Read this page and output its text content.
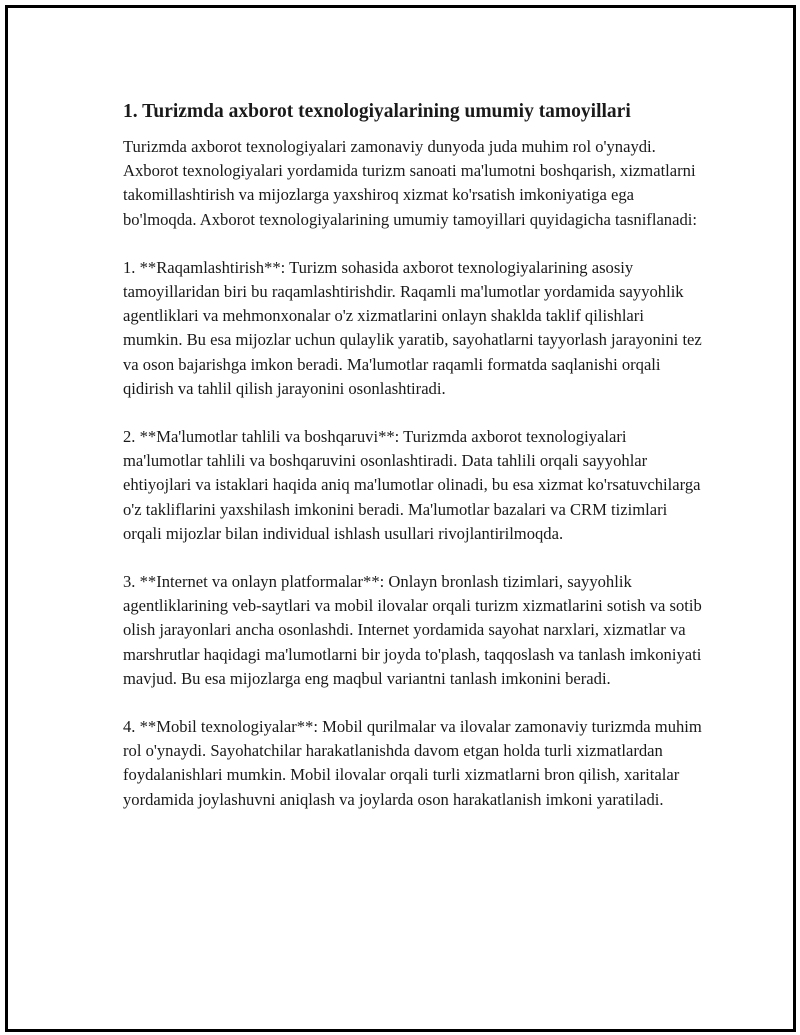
1. Turizmda axborot texnologiyalarining umumiy tamoyillari

Turizmda axborot texnologiyalari zamonaviy dunyoda juda muhim rol o'ynaydi. Axborot texnologiyalari yordamida turizm sanoati ma'lumotni boshqarish, xizmatlarni takomillashtirish va mijozlarga yaxshiroq xizmat ko'rsatish imkoniyatiga ega bo'lmoqda. Axborot texnologiyalarining umumiy tamoyillari quyidagicha tasniflanadi:

1. **Raqamlashtirish**: Turizm sohasida axborot texnologiyalarining asosiy tamoyillaridan biri bu raqamlashtirishdir. Raqamli ma'lumotlar yordamida sayyohlik agentliklari va mehmonxonalar o'z xizmatlarini onlayn shaklda taklif qilishlari mumkin. Bu esa mijozlar uchun qulaylik yaratib, sayohatlarni tayyorlash jarayonini tez va oson bajarishga imkon beradi. Ma'lumotlar raqamli formatda saqlanishi orqali qidirish va tahlil qilish jarayonini osonlashtiradi.

2. **Ma'lumotlar tahlili va boshqaruvi**: Turizmda axborot texnologiyalari ma'lumotlar tahlili va boshqaruvini osonlashtiradi. Data tahlili orqali sayyohlar ehtiyojlari va istaklari haqida aniq ma'lumotlar olinadi, bu esa xizmat ko'rsatuvchilarga o'z takliflarini yaxshilash imkonini beradi. Ma'lumotlar bazalari va CRM tizimlari orqali mijozlar bilan individual ishlash usullari rivojlantirilmoqda.

3. **Internet va onlayn platformalar**: Onlayn bronlash tizimlari, sayyohlik agentliklarining veb-saytlari va mobil ilovalar orqali turizm xizmatlarini sotish va sotib olish jarayonlari ancha osonlashdi. Internet yordamida sayohat narxlari, xizmatlar va marshrutlar haqidagi ma'lumotlarni bir joyda to'plash, taqqoslash va tanlash imkoniyati mavjud. Bu esa mijozlarga eng maqbul variantni tanlash imkonini beradi.

4. **Mobil texnologiyalar**: Mobil qurilmalar va ilovalar zamonaviy turizmda muhim rol o'ynaydi. Sayohatchilar harakatlanishda davom etgan holda turli xizmatlardan foydalanishlari mumkin. Mobil ilovalar orqali turli xizmatlarni bron qilish, xaritalar yordamida joylashuvni aniqlash va joylarda oson harakatlanish imkoni yaratiladi.
